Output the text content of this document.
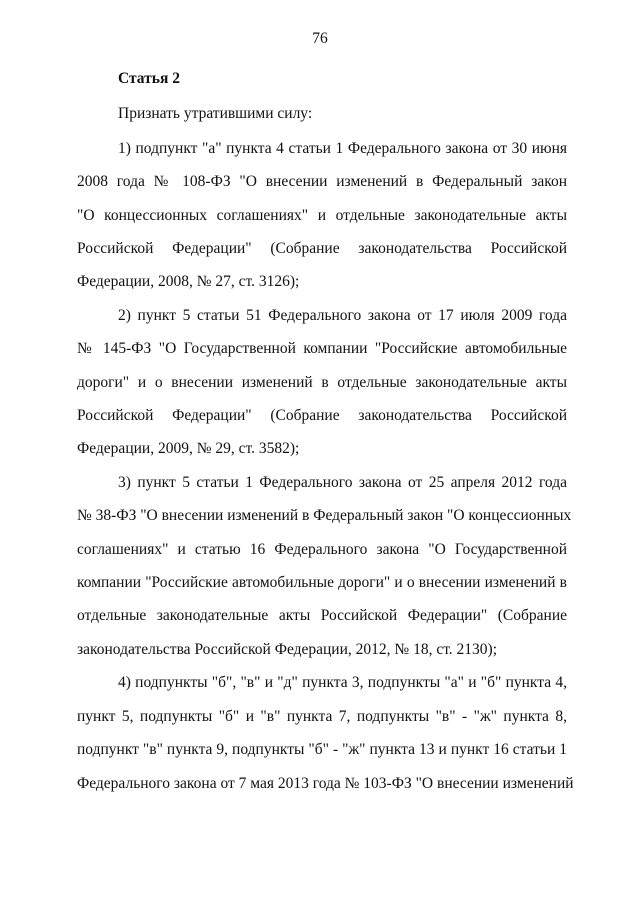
76
Статья 2
Признать утратившими силу:
1) подпункт "а" пункта 4 статьи 1 Федерального закона от 30 июня
2008 года № 108-ФЗ "О внесении изменений в Федеральный закон
"О концессионных соглашениях" и отдельные законодательные акты
Российской Федерации" (Собрание законодательства Российской
Федерации, 2008, № 27, ст. 3126);
2) пункт 5 статьи 51 Федерального закона от 17 июля 2009 года
№ 145-ФЗ "О Государственной компании "Российские автомобильные
дороги" и о внесении изменений в отдельные законодательные акты
Российской Федерации" (Собрание законодательства Российской
Федерации, 2009, № 29, ст. 3582);
3) пункт 5 статьи 1 Федерального закона от 25 апреля 2012 года
№ 38-ФЗ "О внесении изменений в Федеральный закон "О концессионных
соглашениях" и статью 16 Федерального закона "О Государственной
компании "Российские автомобильные дороги" и о внесении изменений в
отдельные законодательные акты Российской Федерации" (Собрание
законодательства Российской Федерации, 2012, № 18, ст. 2130);
4) подпункты "б", "в" и "д" пункта 3, подпункты "а" и "б" пункта 4,
пункт 5, подпункты "б" и "в" пункта 7, подпункты "в" - "ж" пункта 8,
подпункт "в" пункта 9, подпункты "б" - "ж" пункта 13 и пункт 16 статьи 1
Федерального закона от 7 мая 2013 года № 103-ФЗ "О внесении изменений
